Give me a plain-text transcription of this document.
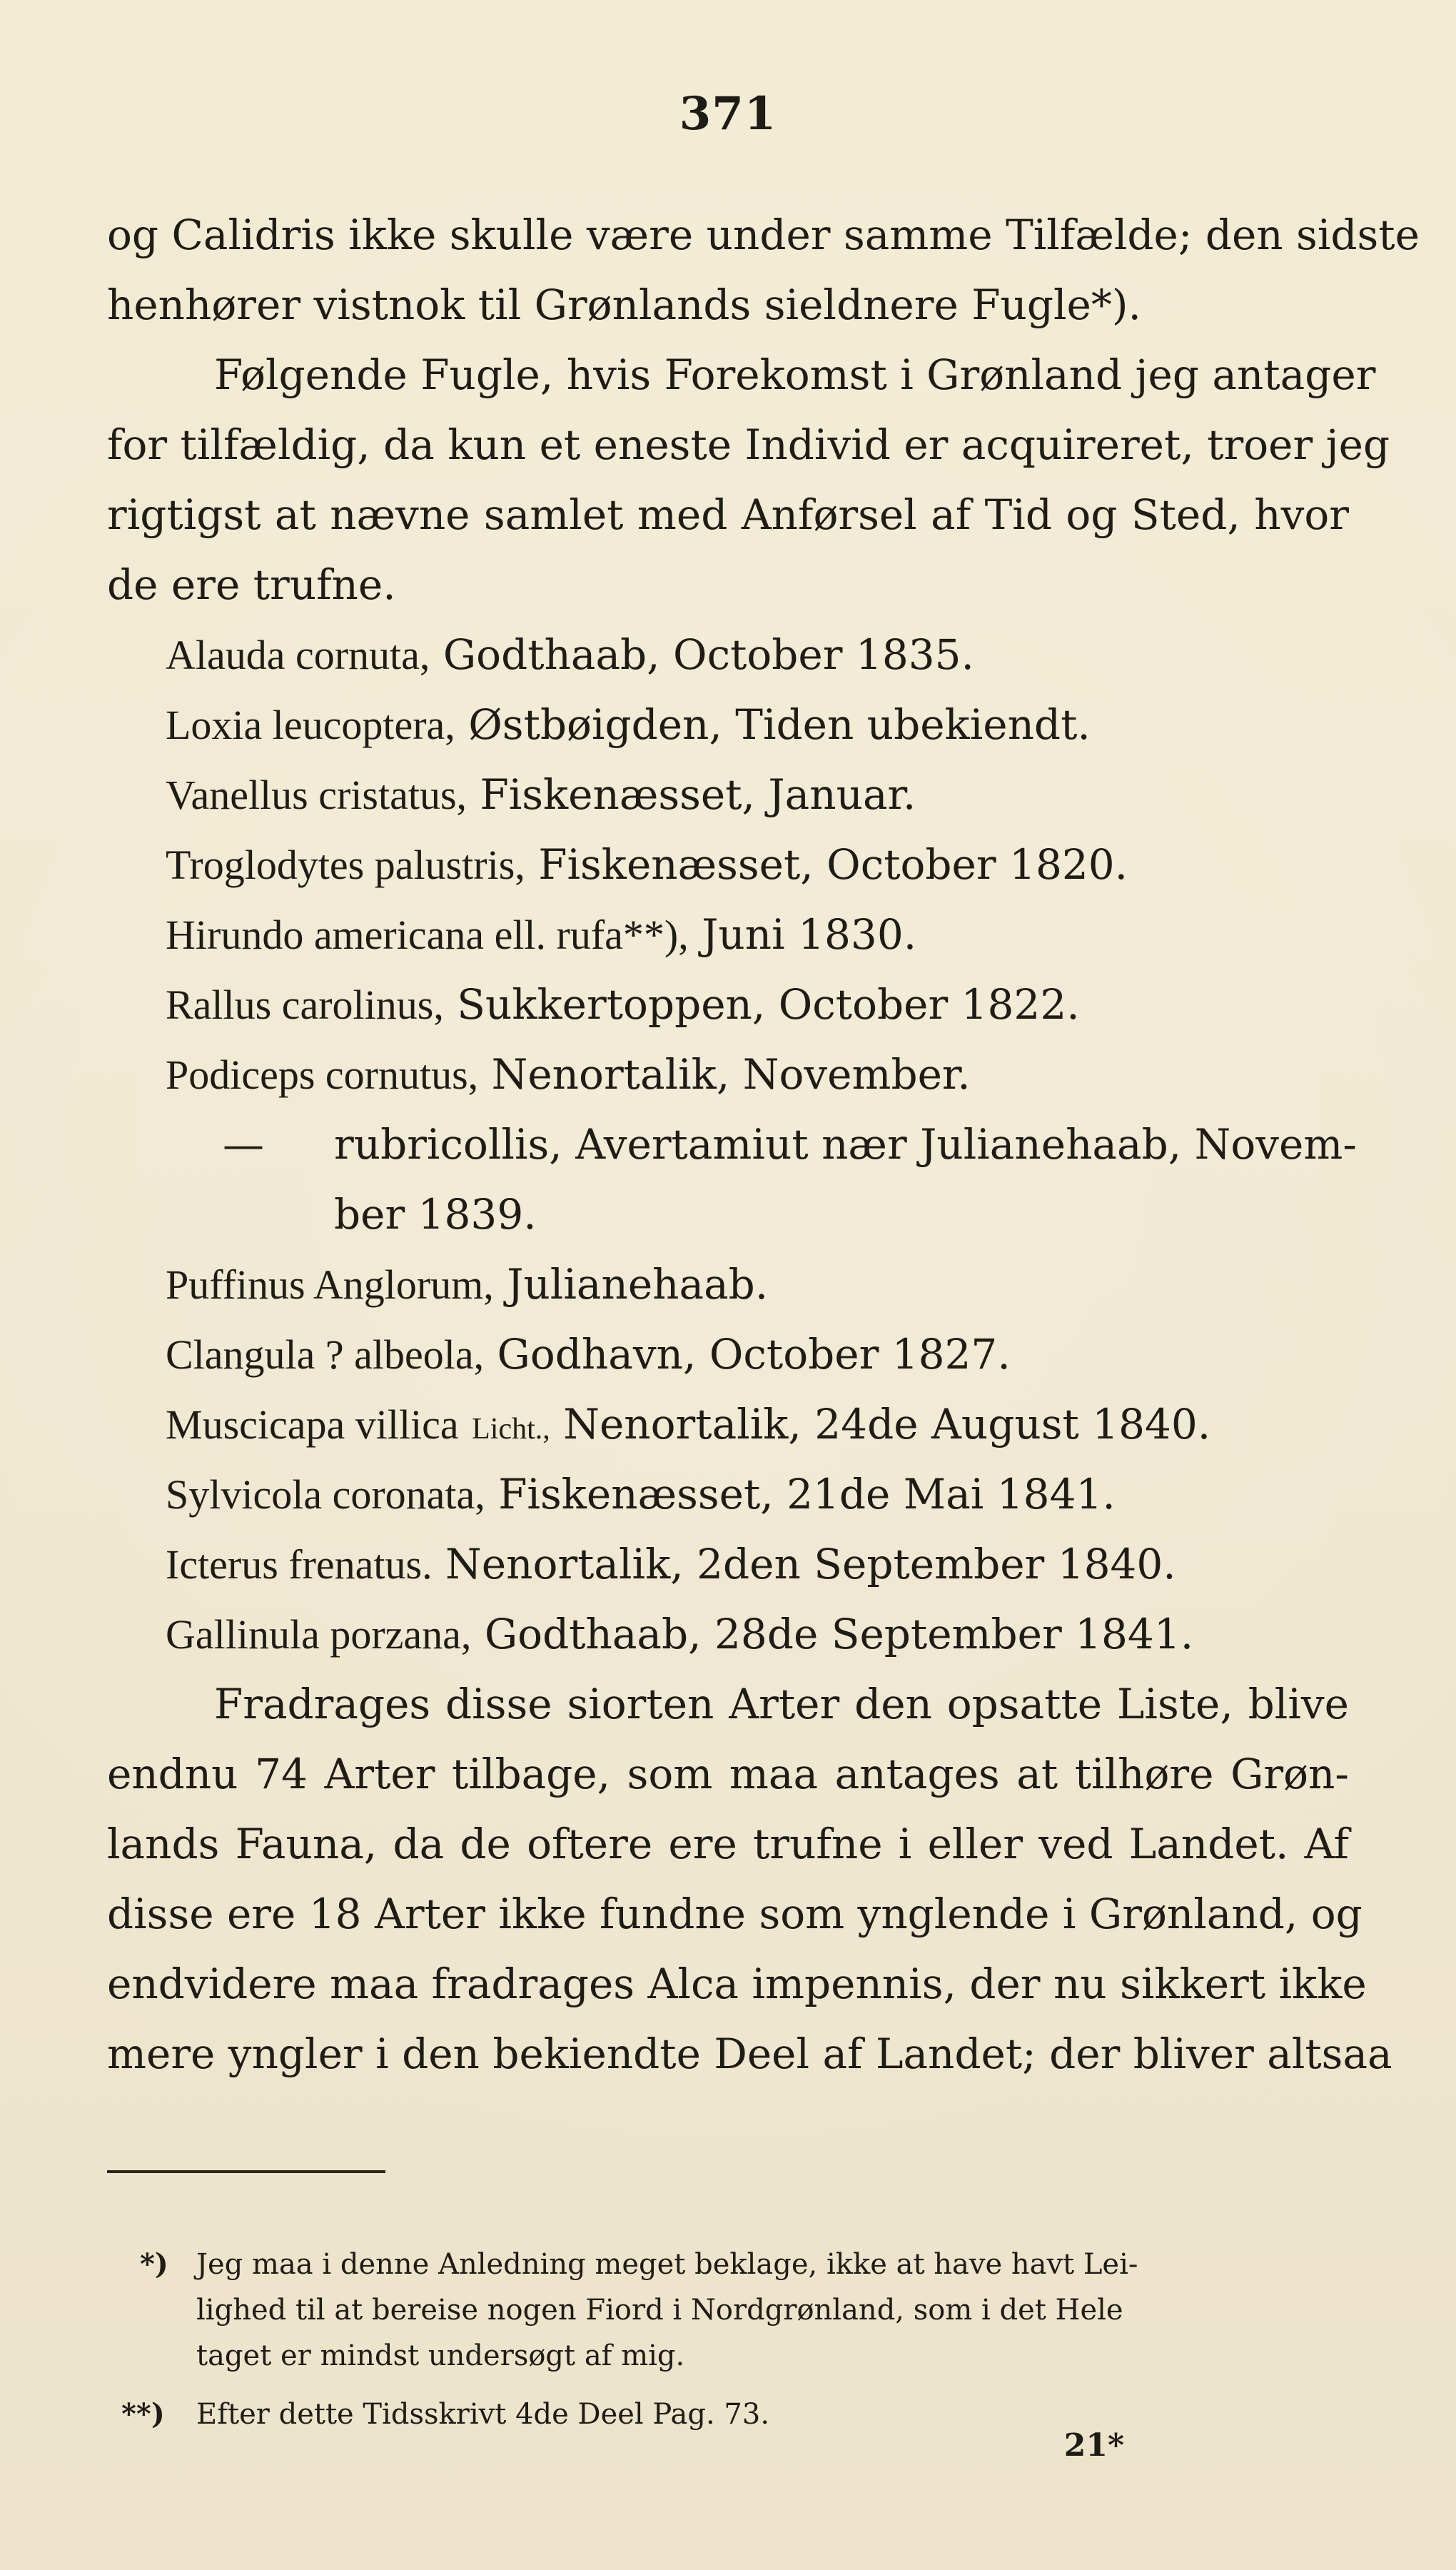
371
og Calidris ikke skulle være under samme Tilfælde; den sidste
henhører vistnok til Grønlands sieldnere Fugle*).
Følgende Fugle, hvis Forekomst i Grønland jeg antager
for tilfældig, da kun et eneste Individ er acquireret, troer jeg
rigtigst at nævne samlet med Anførsel af Tid og Sted, hvor
de ere trufne.
Alauda cornuta, Godthaab, October 1835.
Loxia leucoptera, Østbøigden, Tiden ubekiendt.
Vanellus cristatus, Fiskenæsset, Januar.
Troglodytes palustris, Fiskenæsset, October 1820.
Hirundo americana ell. rufa**), Juni 1830.
Rallus carolinus, Sukkertoppen, October 1822.
Podiceps cornutus, Nenortalik, November.
—	rubricollis, Avertamiut nær Julianehaab, Novem-
ber 1839.
Puffinus Anglorum, Julianehaab.
Clangula ? albeola, Godhavn, October 1827.
Muscicapa villica Licht., Nenortalik, 24de August 1840.
Sylvicola coronata, Fiskenæsset, 21de Mai 1841.
Icterus frenatus. Nenortalik, 2den September 1840.
Gallinula porzana, Godthaab, 28de September 1841.
Fradrages disse siorten Arter den opsatte Liste, blive
endnu 74 Arter tilbage, som maa antages at tilhøre Grøn-
lands Fauna, da de oftere ere trufne i eller ved Landet. Af
disse ere 18 Arter ikke fundne som ynglende i Grønland, og
endvidere maa fradrages Alca impennis, der nu sikkert ikke
mere yngler i den bekiendte Deel af Landet; der bliver altsaa
*) Jeg maa i denne Anledning meget beklage, ikke at have havt Lei-
lighed til at bereise nogen Fiord i Nordgrønland, som i det Hele
taget er mindst undersøgt af mig.
**) Efter dette Tidsskrivt 4de Deel Pag. 73.
21*
